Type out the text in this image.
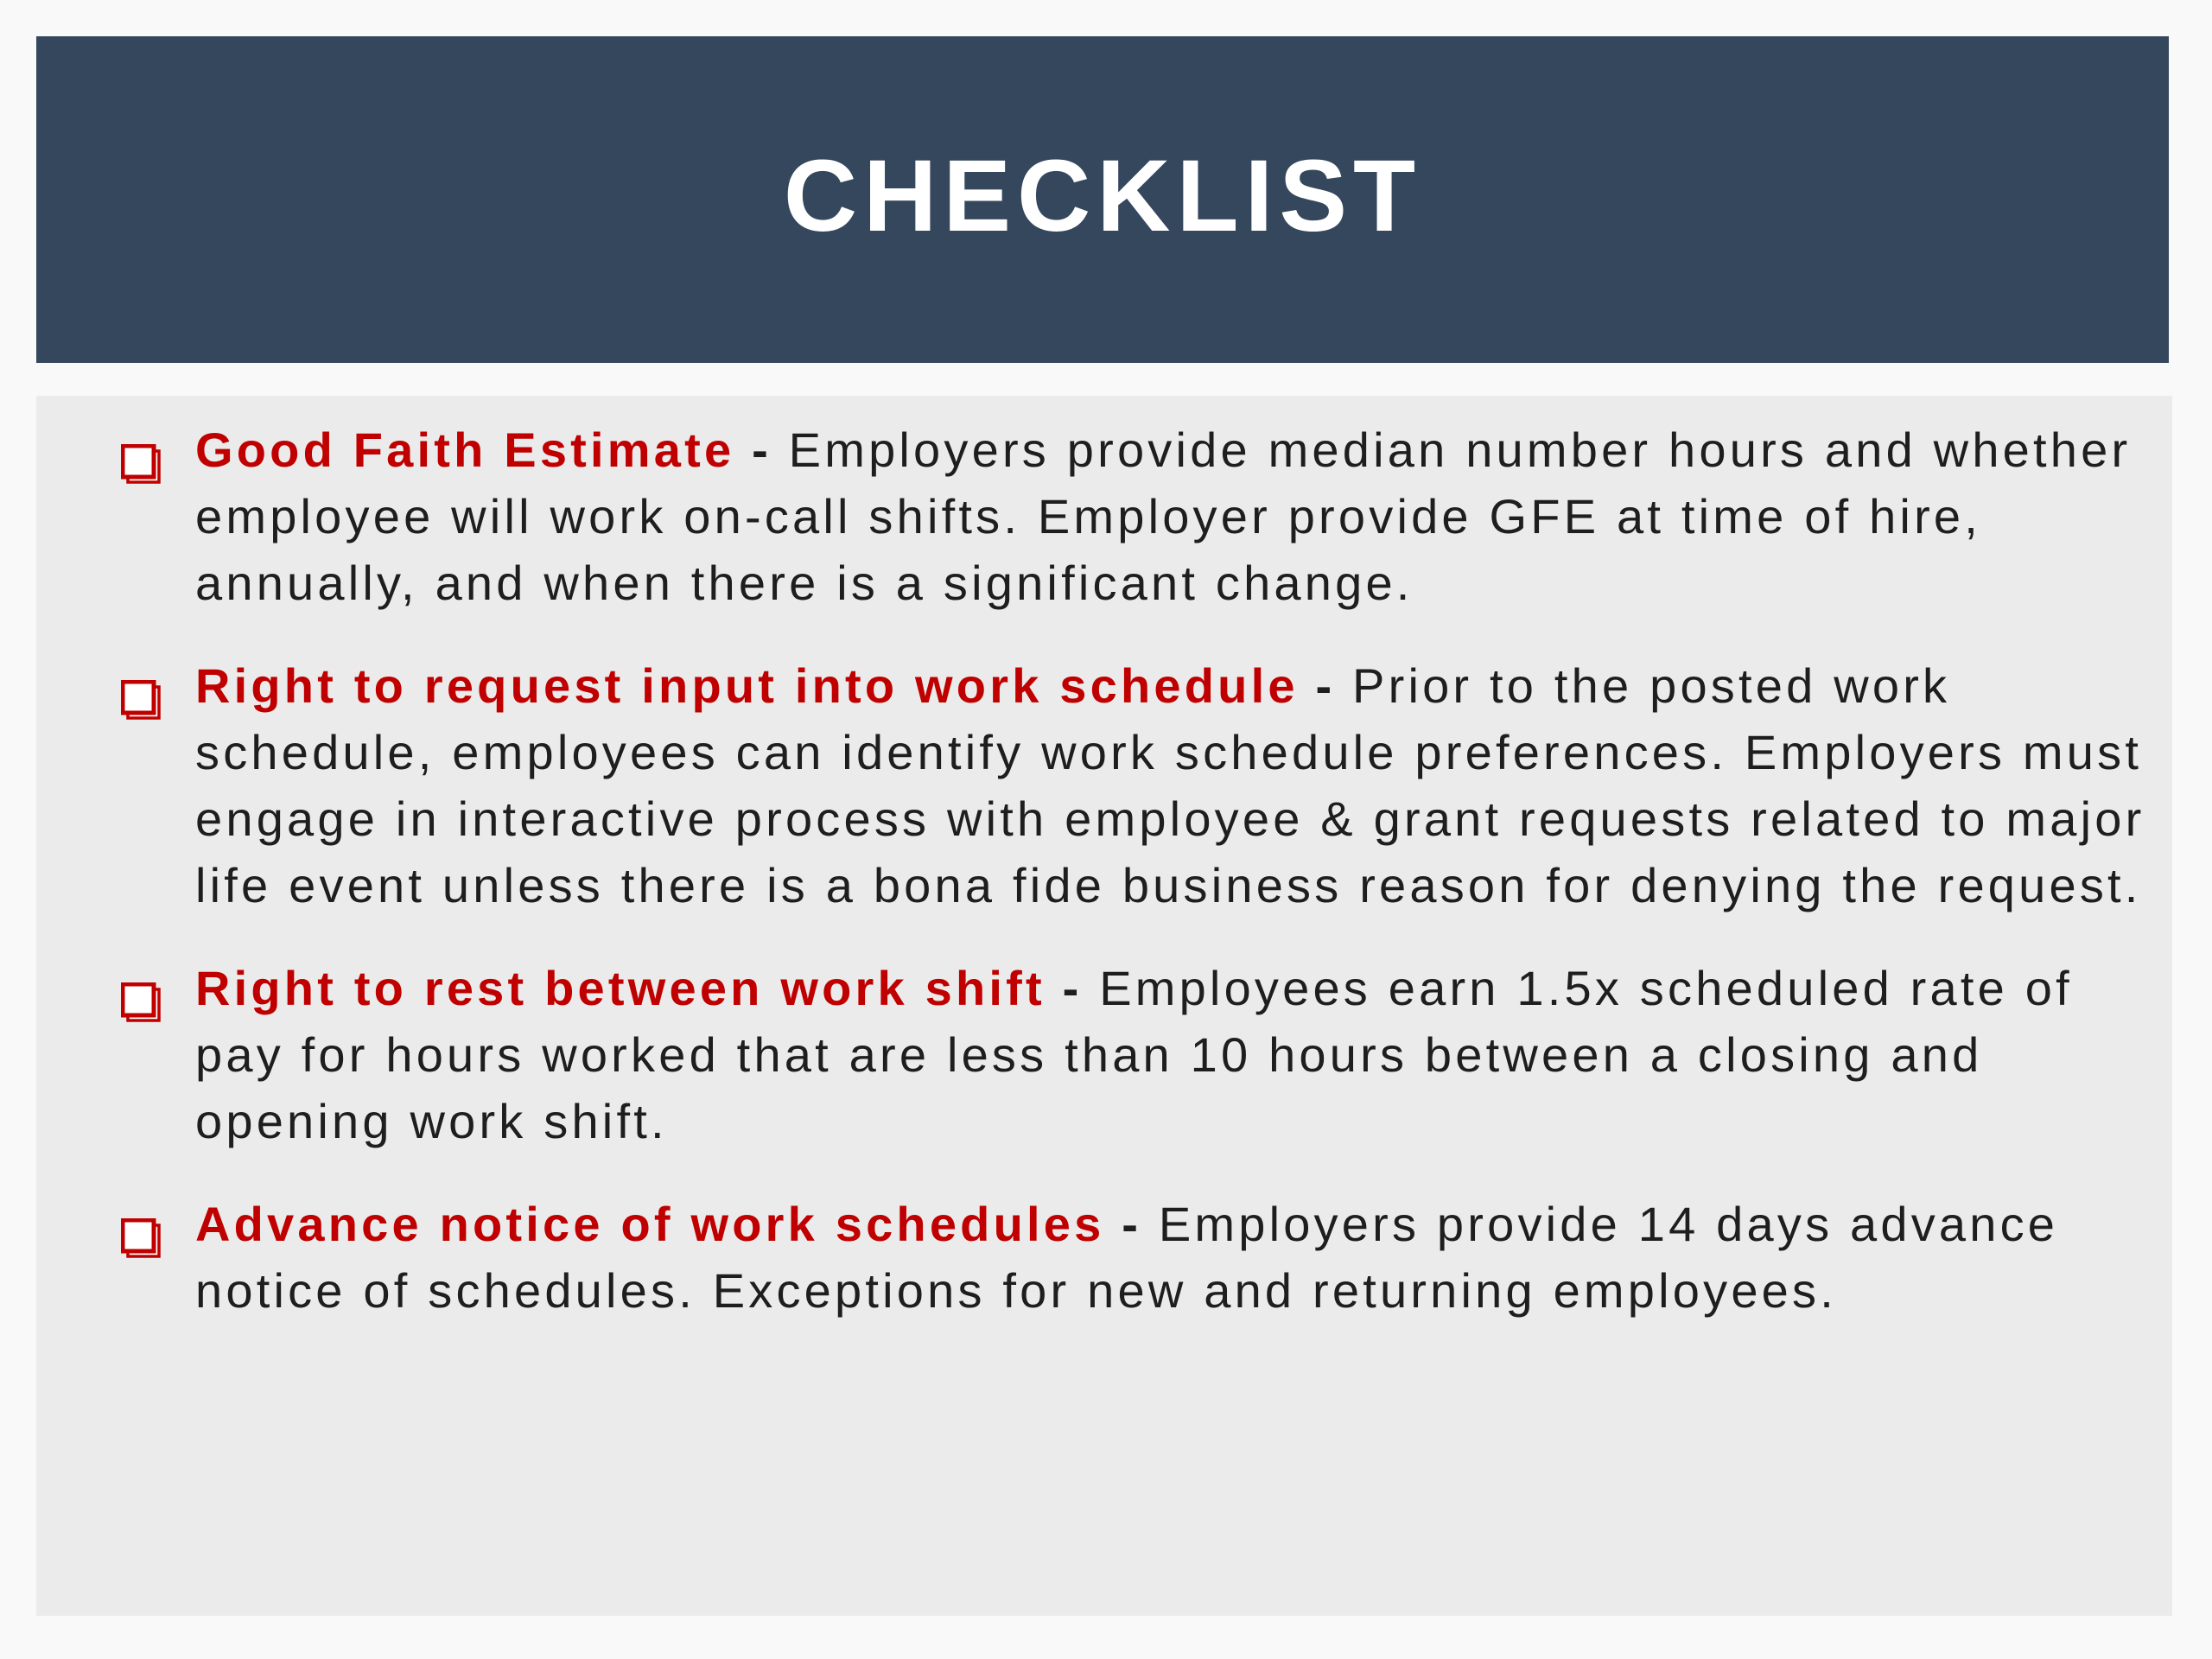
CHECKLIST
Good Faith Estimate - Employers provide median number hours and whether employee will work on-call shifts. Employer provide GFE at time of hire, annually, and when there is a significant change.
Right to request input into work schedule - Prior to the posted work schedule, employees can identify work schedule preferences. Employers must engage in interactive process with employee & grant requests related to major life event unless there is a bona fide business reason for denying the request.
Right to rest between work shift - Employees earn 1.5x scheduled rate of pay for hours worked that are less than 10 hours between a closing and opening work shift.
Advance notice of work schedules - Employers provide 14 days advance notice of schedules. Exceptions for new and returning employees.
